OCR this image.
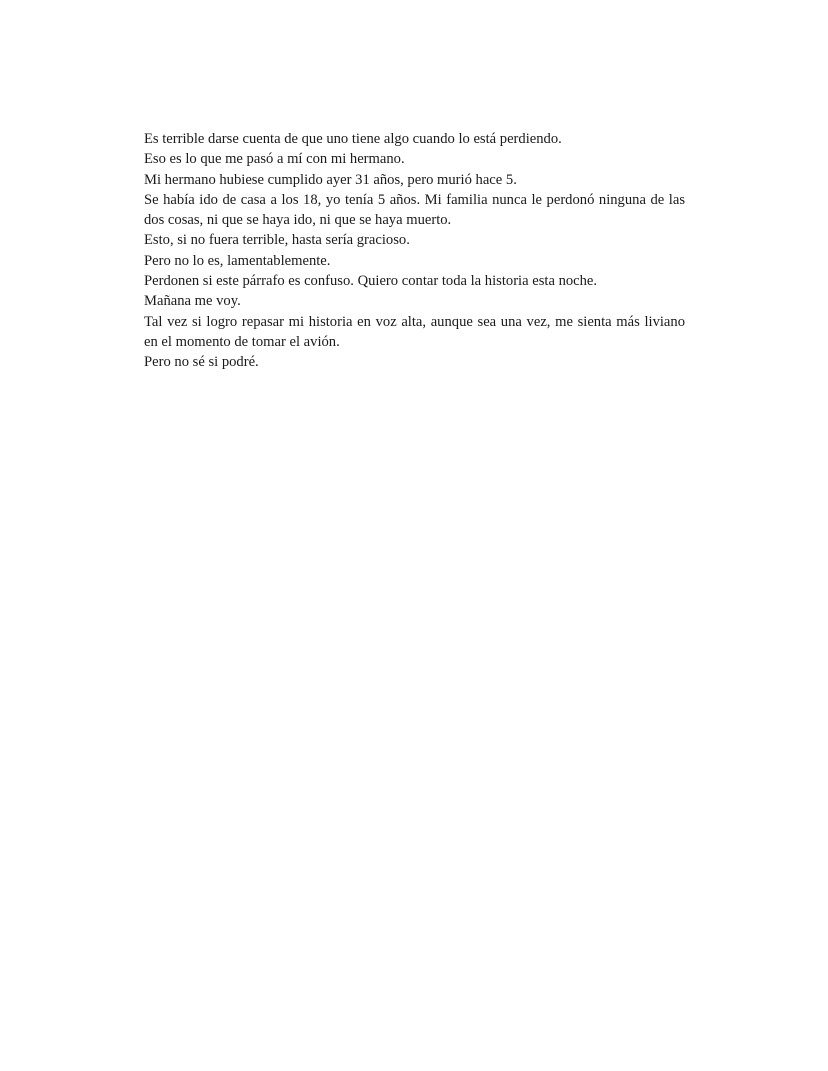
Es terrible darse cuenta de que uno tiene algo cuando lo está perdiendo.

Eso es lo que me pasó a mí con mi hermano.

Mi hermano hubiese cumplido ayer 31 años, pero murió hace 5.

Se había ido de casa a los 18, yo tenía 5 años. Mi familia nunca le perdonó ninguna de las dos cosas, ni que se haya ido, ni que se haya muerto.

Esto, si no fuera terrible, hasta sería gracioso.

Pero no lo es, lamentablemente.

Perdonen si este párrafo es confuso. Quiero contar toda la historia esta noche.

Mañana me voy.

Tal vez si logro repasar mi historia en voz alta, aunque sea una vez, me sienta más liviano en el momento de tomar el avión.

Pero no sé si podré.
